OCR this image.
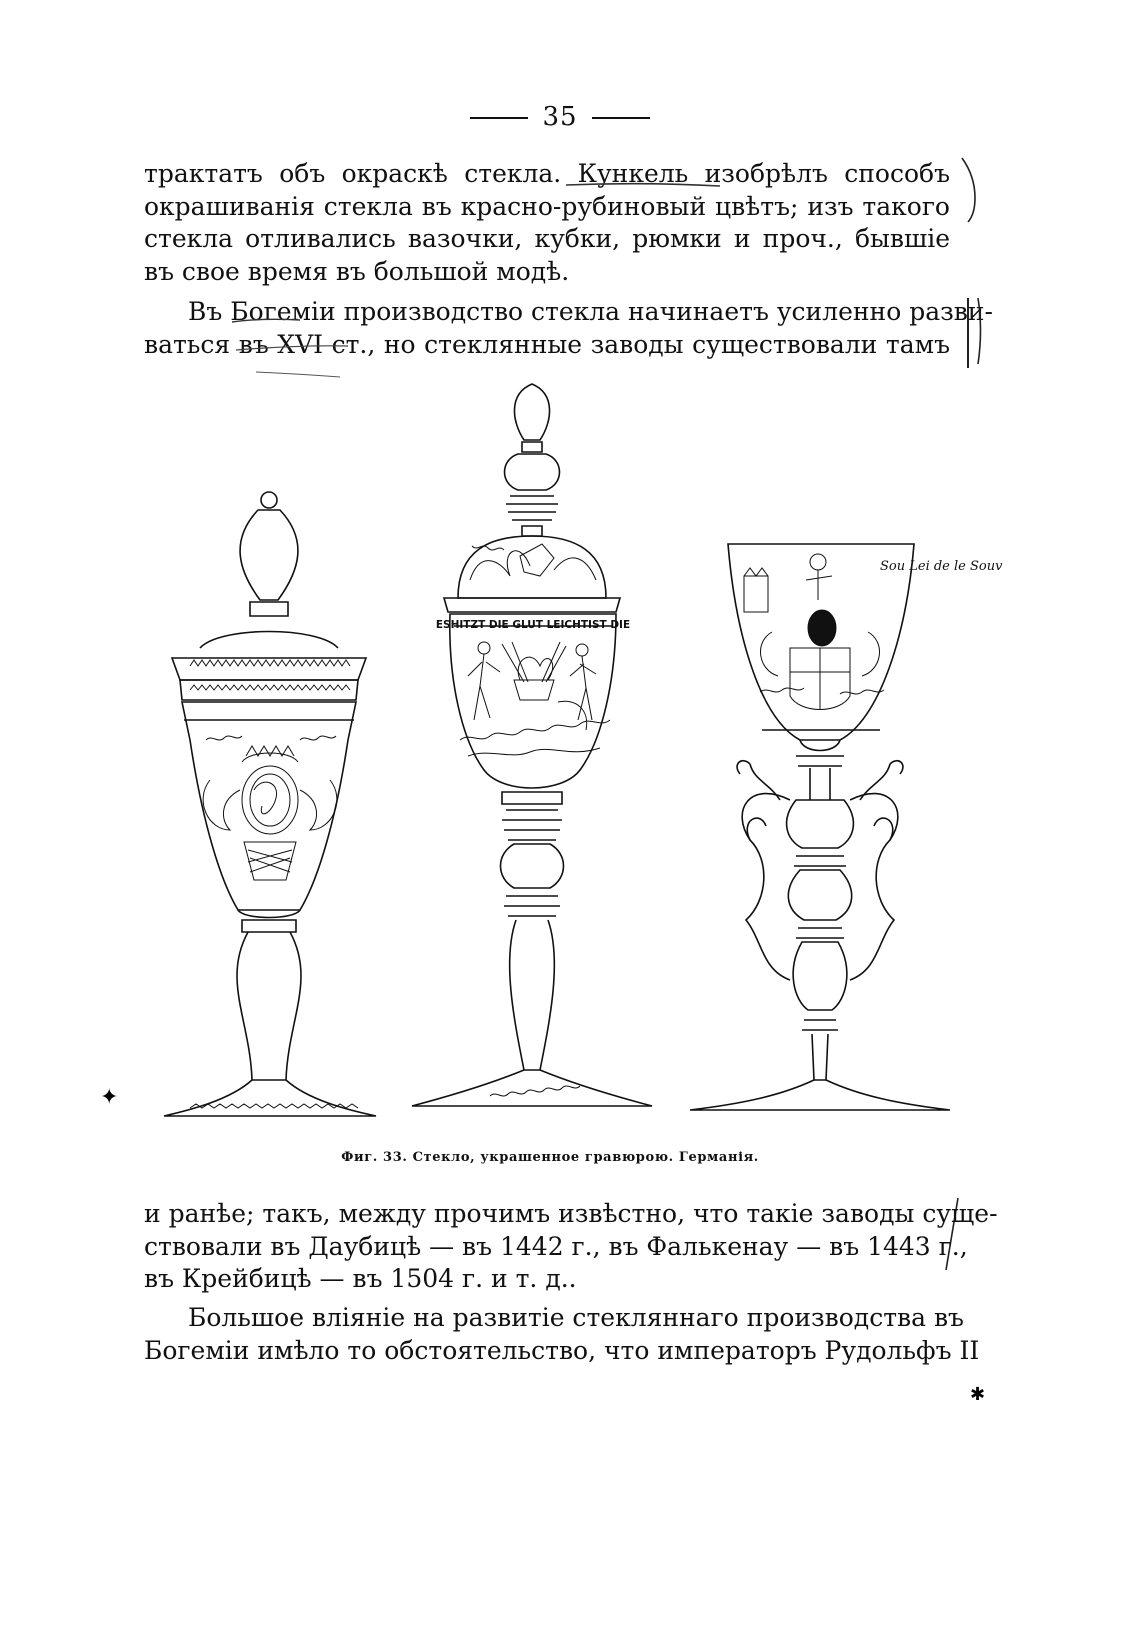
35
трактатъ объ окраскѣ стекла. Кункель изобрѣлъ способъ
окрашиванія стекла въ красно-рубиновый цвѣтъ; изъ такого
стекла отливались вазочки, кубки, рюмки и проч., бывшіе
въ свое время въ большой модѣ.
Въ Богеміи производство стекла начинаетъ усиленно разви-
ваться въ XVI ст., но стеклянные заводы существовали тамъ
✦
✱
ESHITZT DIE GLUT LEICHTIST DIE
Sou Lei de le Souv
Фиг. 33. Стекло, украшенное гравюрою. Германія.
и ранѣе; такъ, между прочимъ извѣстно, что такіе заводы суще-
ствовали въ Даубицѣ — въ 1442 г., въ Фалькенау — въ 1443 г.,
въ Крейбицѣ — въ 1504 г. и т. д..
Большое вліяніе на развитіе стекляннаго производства въ
Богеміи имѣло то обстоятельство, что императоръ Рудольфъ II
